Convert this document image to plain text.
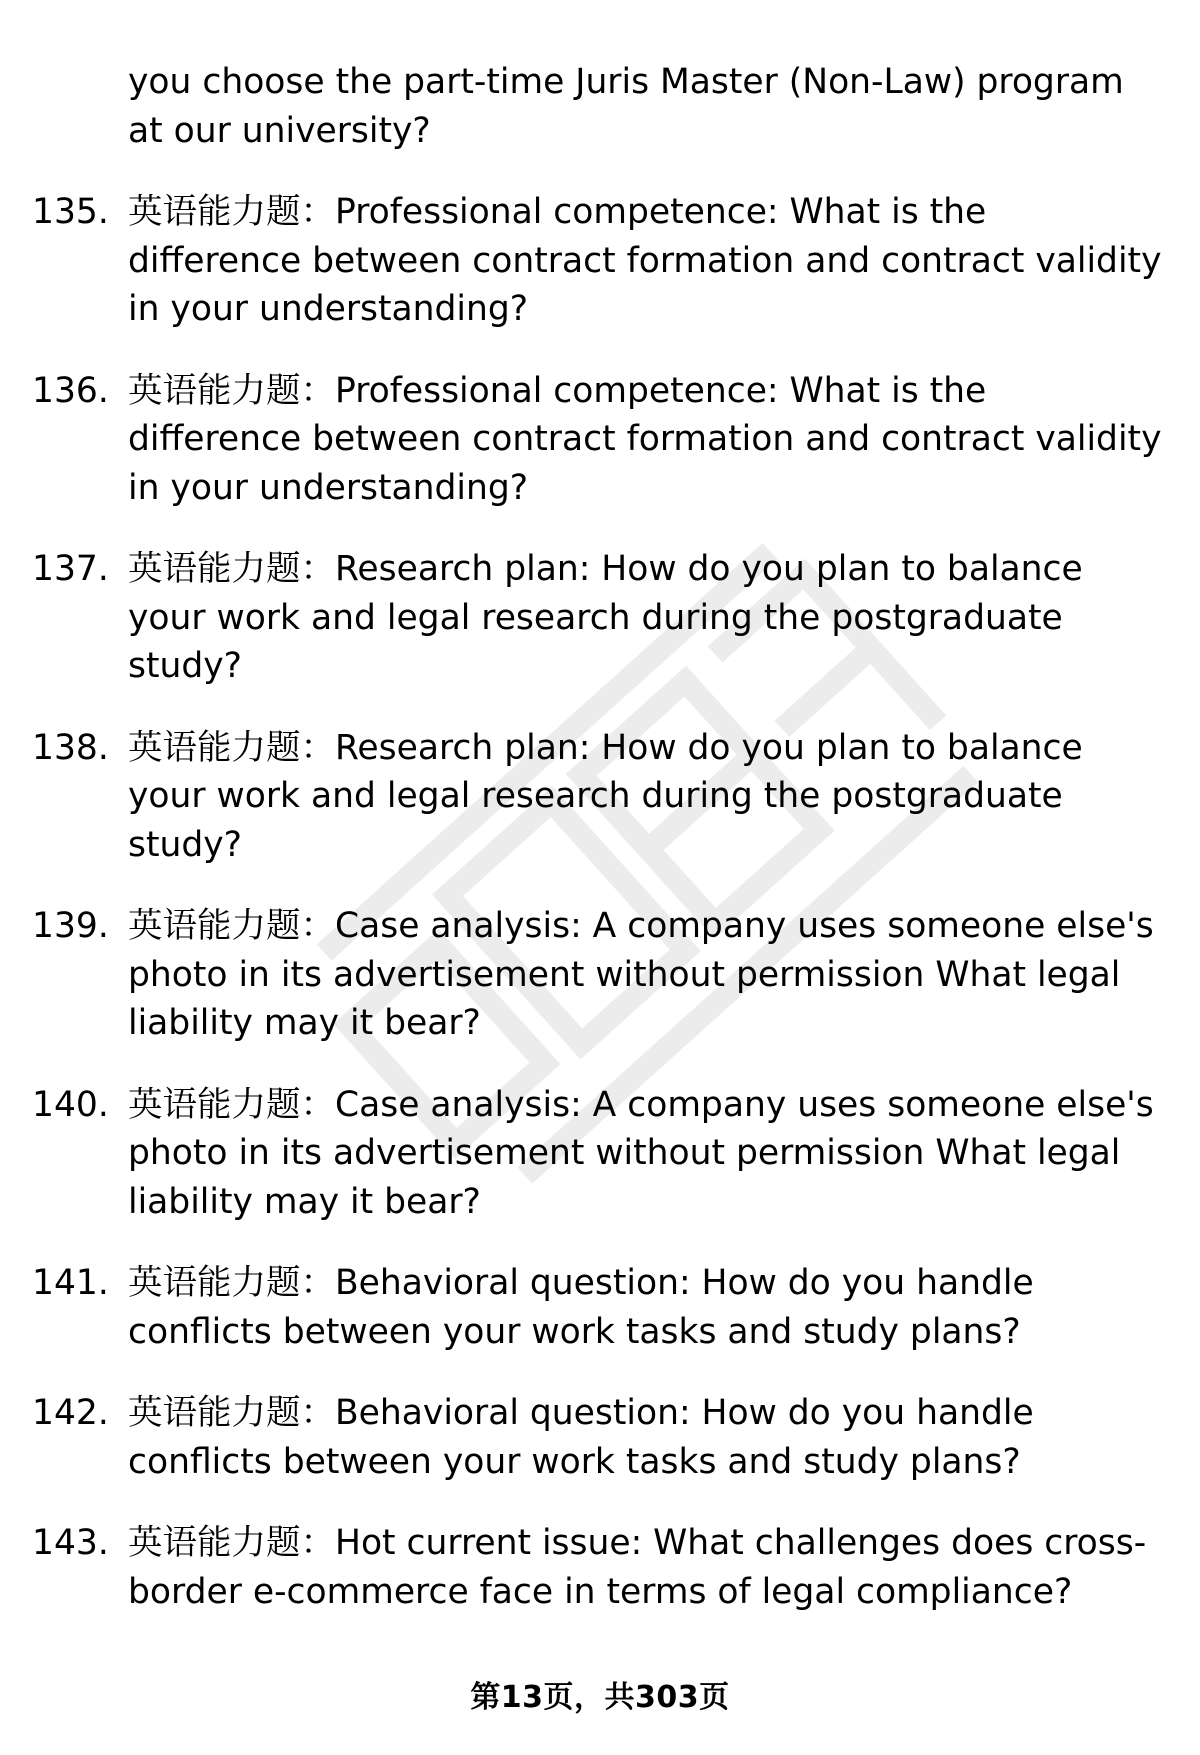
you choose the part-time Juris Master (Non-Law) program at our university?
135. 英语能力题：Professional competence: What is the difference between contract formation and contract validity in your understanding?
136. 英语能力题：Professional competence: What is the difference between contract formation and contract validity in your understanding?
137. 英语能力题：Research plan: How do you plan to balance your work and legal research during the postgraduate study?
138. 英语能力题：Research plan: How do you plan to balance your work and legal research during the postgraduate study?
139. 英语能力题：Case analysis: A company uses someone else's photo in its advertisement without permission What legal liability may it bear?
140. 英语能力题：Case analysis: A company uses someone else's photo in its advertisement without permission What legal liability may it bear?
141. 英语能力题：Behavioral question: How do you handle conflicts between your work tasks and study plans?
142. 英语能力题：Behavioral question: How do you handle conflicts between your work tasks and study plans?
143. 英语能力题：Hot current issue: What challenges does cross-border e-commerce face in terms of legal compliance?
第13页，共303页
